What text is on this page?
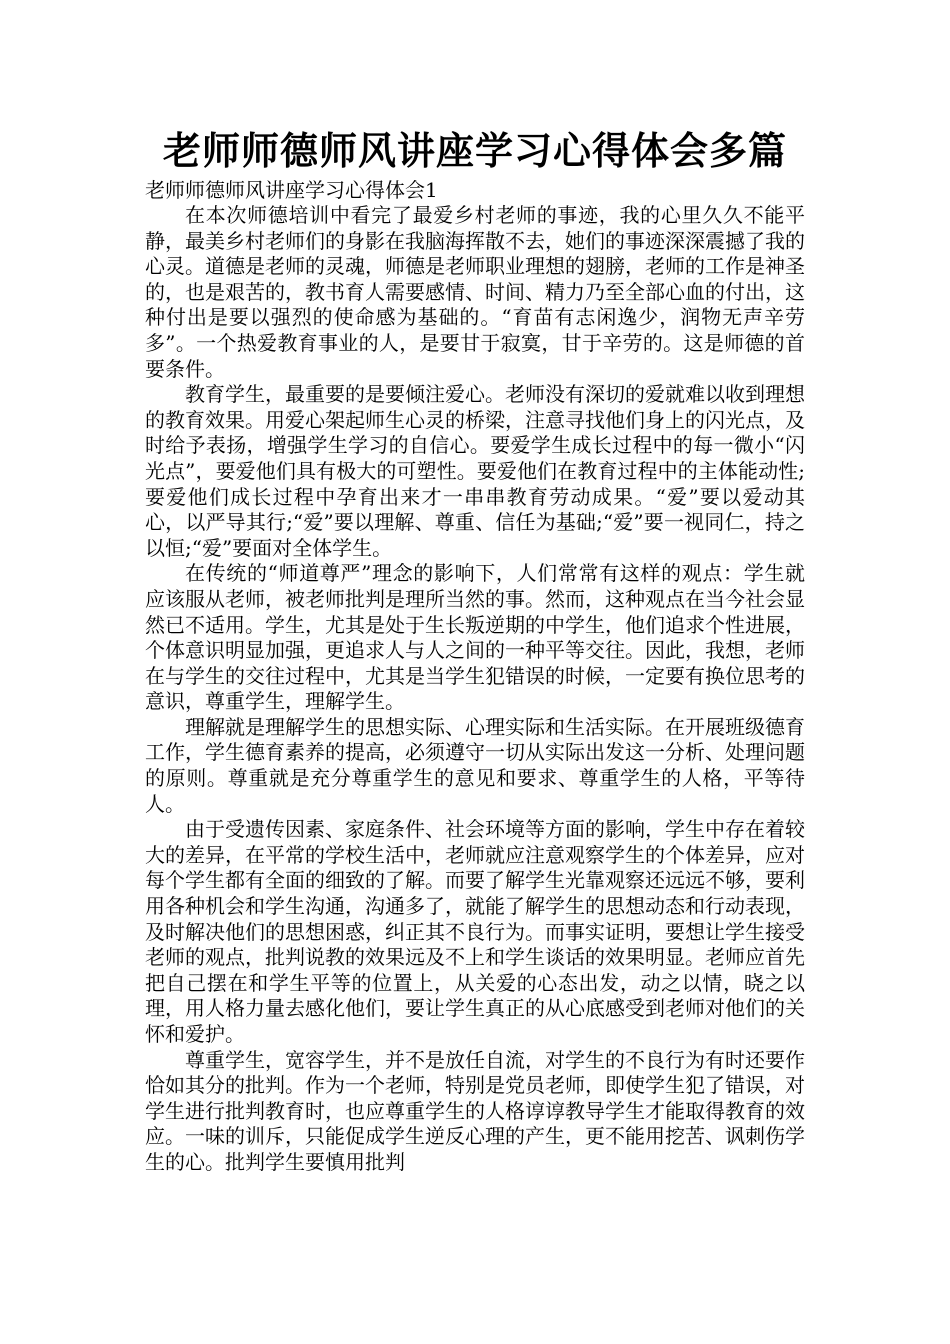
老师师德师风讲座学习心得体会多篇
老师师德师风讲座学习心得体会1

在本次师德培训中看完了最爱乡村老师的事迹，我的心里久久不能平静，最美乡村老师们的身影在我脑海挥散不去，她们的事迹深深震撼了我的心灵。道德是老师的灵魂，师德是老师职业理想的翅膀，老师的工作是神圣的，也是艰苦的，教书育人需要感情、时间、精力乃至全部心血的付出，这种付出是要以强烈的使命感为基础的。“育苗有志闲逸少，润物无声辛劳多”。一个热爱教育事业的人，是要甘于寂寞，甘于辛劳的。这是师德的首要条件。

教育学生，最重要的是要倾注爱心。老师没有深切的爱就难以收到理想的教育效果。用爱心架起师生心灵的桥梁，注意寻找他们身上的闪光点，及时给予表扬，增强学生学习的自信心。要爱学生成长过程中的每一微小“闪光点”，要爱他们具有极大的可塑性。要爱他们在教育过程中的主体能动性;要爱他们成长过程中孕育出来才一串串教育劳动成果。“爱”要以爱动其心，以严导其行;“爱”要以理解、尊重、信任为基础;“爱”要一视同仁，持之以恒;“爱”要面对全体学生。

在传统的“师道尊严”理念的影响下，人们常常有这样的观点：学生就应该服从老师，被老师批判是理所当然的事。然而，这种观点在当今社会显然已不适用。学生，尤其是处于生长叛逆期的中学生，他们追求个性进展，个体意识明显加强，更追求人与人之间的一种平等交往。因此，我想，老师在与学生的交往过程中，尤其是当学生犯错误的时候，一定要有换位思考的意识，尊重学生，理解学生。

理解就是理解学生的思想实际、心理实际和生活实际。在开展班级德育工作，学生德育素养的提高，必须遵守一切从实际出发这一分析、处理问题的原则。尊重就是充分尊重学生的意见和要求、尊重学生的人格，平等待人。

由于受遗传因素、家庭条件、社会环境等方面的影响，学生中存在着较大的差异，在平常的学校生活中，老师就应注意观察学生的个体差异，应对每个学生都有全面的细致的了解。而要了解学生光靠观察还远远不够，要利用各种机会和学生沟通，沟通多了，就能了解学生的思想动态和行动表现，及时解决他们的思想困惑，纠正其不良行为。而事实证明，要想让学生接受老师的观点，批判说教的效果远及不上和学生谈话的效果明显。老师应首先把自己摆在和学生平等的位置上，从关爱的心态出发，动之以情，晓之以理，用人格力量去感化他们，要让学生真正的从心底感受到老师对他们的关怀和爱护。

尊重学生，宽容学生，并不是放任自流，对学生的不良行为有时还要作恰如其分的批判。作为一个老师，特别是党员老师，即使学生犯了错误，对学生进行批判教育时，也应尊重学生的人格谆谆教导学生才能取得教育的效应。一味的训斥，只能促成学生逆反心理的产生，更不能用挖苦、讽刺伤学生的心。批判学生要慎用批判
